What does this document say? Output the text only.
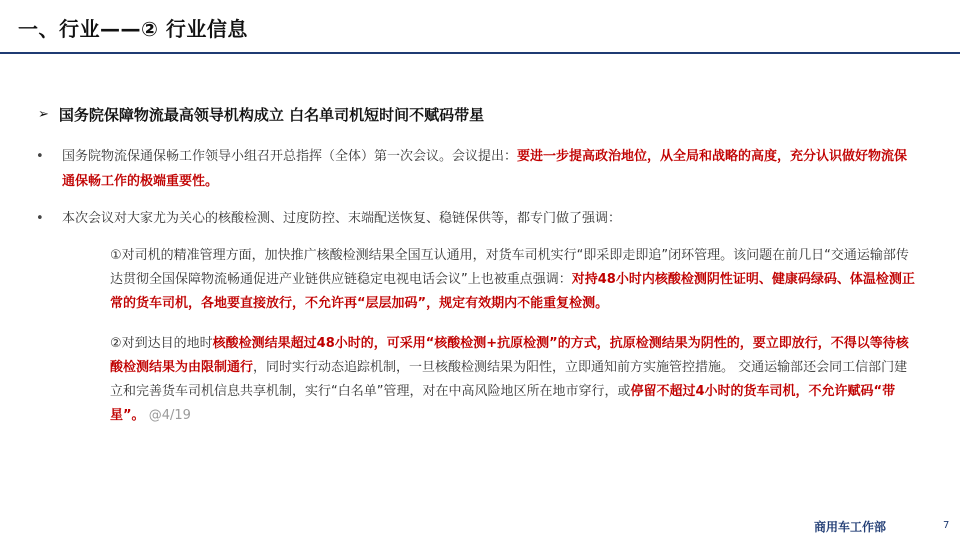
一、行业——② 行业信息
➢ 国务院保障物流最高领导机构成立 白名单司机短时间不赋码带星
• 国务院物流保通保畅工作领导小组召开总指挥（全体）第一次会议。会议提出：要进一步提高政治地位，从全局和战略的高度，充分认识做好物流保通保畅工作的极端重要性。
• 本次会议对大家尤为关心的核酸检测、过度防控、末端配送恢复、稳链保供等，都专门做了强调：
①对司机的精准管理方面，加快推广核酸检测结果全国互认通用，对货车司机实行“即采即走即追”闭环管理。该问题在前几日“交通运输部传达贯彻全国保障物流畅通促进产业链供应链稳定电视电话会议”上也被重点强调：对持48小时内核酸检测阴性证明、健康码绿码、体温检测正常的货车司机，各地要直接放行，不允许再“层层加码”，规定有效期内不能重复检测。
②对到达目的地时核酸检测结果超过48小时的，可采用“核酸检测+抗原检测”的方式，抗原检测结果为阴性的，要立即放行，不得以等待核酸检测结果为由限制通行，同时实行动态追踪机制，一旦核酸检测结果为阳性，立即通知前方实施管控措施。 交通运输部还会同工信部门建立和完善货车司机信息共享机制，实行“白名单”管理，对在中高风险地区所在地市穿行，或停留不超过4小时的货车司机，不允许赋码“带星”。 @4/19
商用车工作部	7
